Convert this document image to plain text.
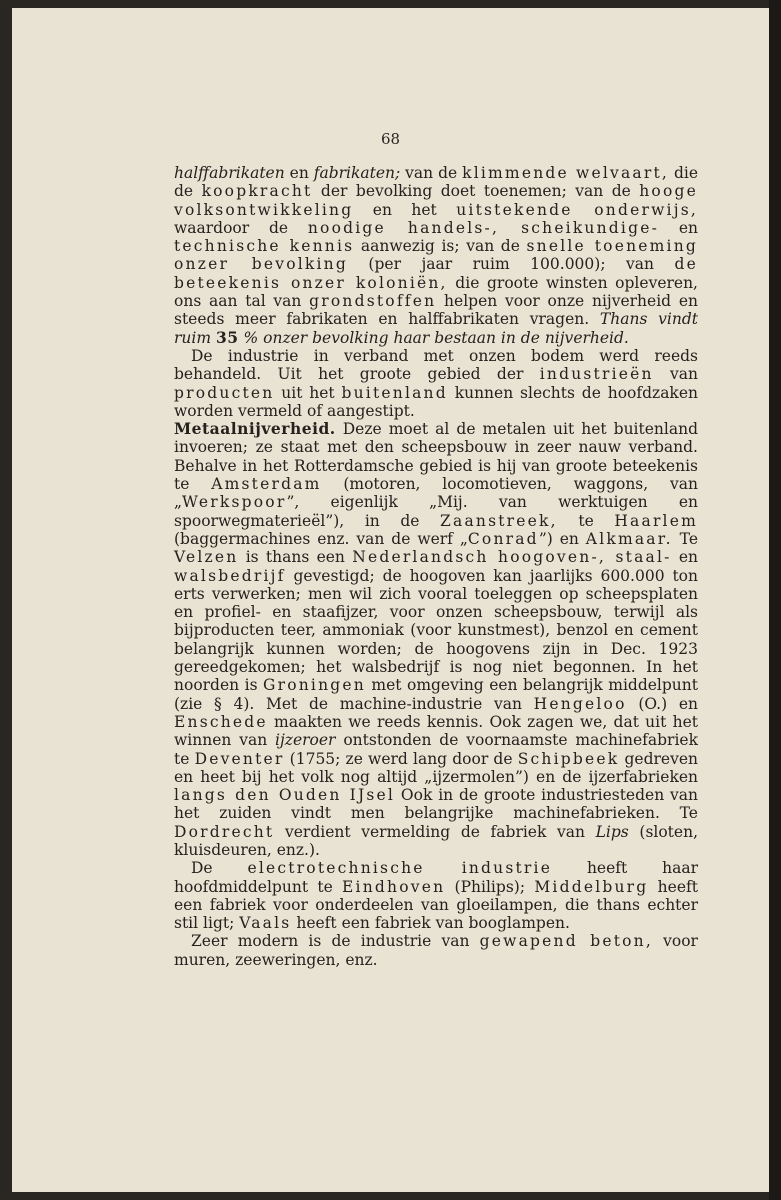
68

halffabrikaten en fabrikaten; van de klimmende welvaart, die de koopkracht der bevolking doet toenemen; van de hooge volksontwikkeling en het uitstekende onderwijs, waardoor de noodige handels-, scheikundige- en technische kennis aanwezig is; van de snelle toeneming onzer bevolking (per jaar ruim 100.000); van de beteekenis onzer koloniën, die groote winsten opleveren, ons aan tal van grondstoffen helpen voor onze nijverheid en steeds meer fabrikaten en halffabrikaten vragen. Thans vindt ruim 35 % onzer bevolking haar bestaan in de nijverheid.

De industrie in verband met onzen bodem werd reeds behandeld. Uit het groote gebied der industrieën van producten uit het buitenland kunnen slechts de hoofdzaken worden vermeld of aangestipt.

Metaalnijverheid. Deze moet al de metalen uit het buitenland invoeren; ze staat met den scheepsbouw in zeer nauw verband. Behalve in het Rotterdamsche gebied is hij van groote beteekenis te Amsterdam (motoren, locomotieven, waggons, van „Werkspoor”, eigenlijk „Mij. van werktuigen en spoorwegmaterieël”), in de Zaanstreek, te Haarlem (baggermachines enz. van de werf „Conrad”) en Alkmaar. Te Velzen is thans een Nederlandsch hoogoven-, staal- en walsbedrijf gevestigd; de hoogoven kan jaarlijks 600.000 ton erts verwerken; men wil zich vooral toeleggen op scheepsplaten en profiel- en staafijzer, voor onzen scheepsbouw, terwijl als bijproducten teer, ammoniak (voor kunstmest), benzol en cement belangrijk kunnen worden; de hoogovens zijn in Dec. 1923 gereedgekomen; het walsbedrijf is nog niet begonnen. In het noorden is Groningen met omgeving een belangrijk middelpunt (zie § 4). Met de machine-industrie van Hengeloo (O.) en Enschede maakten we reeds kennis. Ook zagen we, dat uit het winnen van ijzeroer ontstonden de voornaamste machinefabriek te Deventer (1755; ze werd lang door de Schipbeek gedreven en heet bij het volk nog altijd „ijzermolen”) en de ijzerfabrieken langs den Ouden IJsel Ook in de groote industriesteden van het zuiden vindt men belangrijke machinefabrieken. Te Dordrecht verdient vermelding de fabriek van Lips (sloten, kluisdeuren, enz.).

De electrotechnische industrie heeft haar hoofdmiddelpunt te Eindhoven (Philips); Middelburg heeft een fabriek voor onderdeelen van gloeilampen, die thans echter stil ligt; Vaals heeft een fabriek van booglampen.

Zeer modern is de industrie van gewapend beton, voor muren, zeeweringen, enz.
